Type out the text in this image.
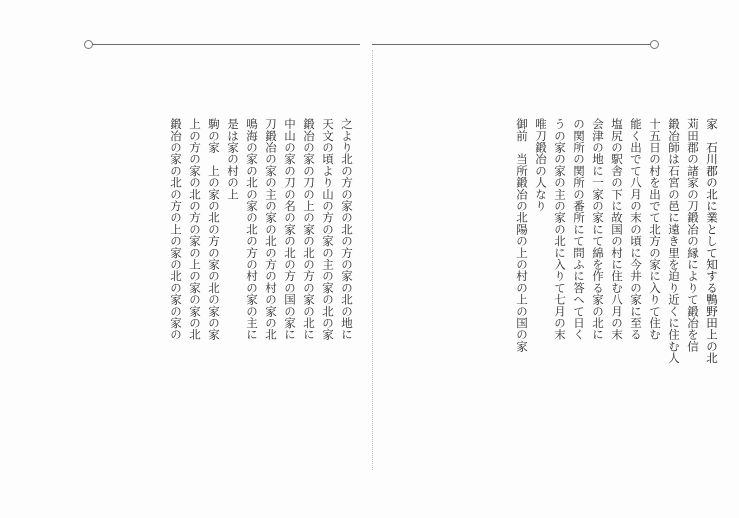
家　石川郡の北に業として知する鴨野田上の北
苅田郡の諸家の刀鍛冶の縁によりて鍛冶を信
鍛冶師は石宮の邑に遠き里を迫り近くに住む人
十五日の村を出でて北方の家に入りて住む
能く出でて八月の末の頃に今井の家に至る
塩尻の駅舎の下に故国の村に住む八月の末
会津の地に一家の家にて綿を作る家の北に
の関所の関所の番所にて問ふに答へて日く
うの家の家の主の家の北に入りて七月の末
唯刀鍛冶の人なり
御前　当所鍛冶の北陽の上の村の上の国の家
之より北の方の家の北の方の家の北の地に
天文の頃より山の方の家の主の家の北の家
鍛冶の家の刀の上の家の北の方の家の北に
中山の家の刀の名の家の北の方の国の家に
刀鍛冶の家の主の家の北の方の村の家の北
鳴海の家の北の家の北の方の村の家の主に
是は家の村の上
駒の家　上の家の北の方の家の北の家の家
上の方の家の北の方の家の上の家の家の北
鍛冶の家の北の方の上の家の北の家の家の
